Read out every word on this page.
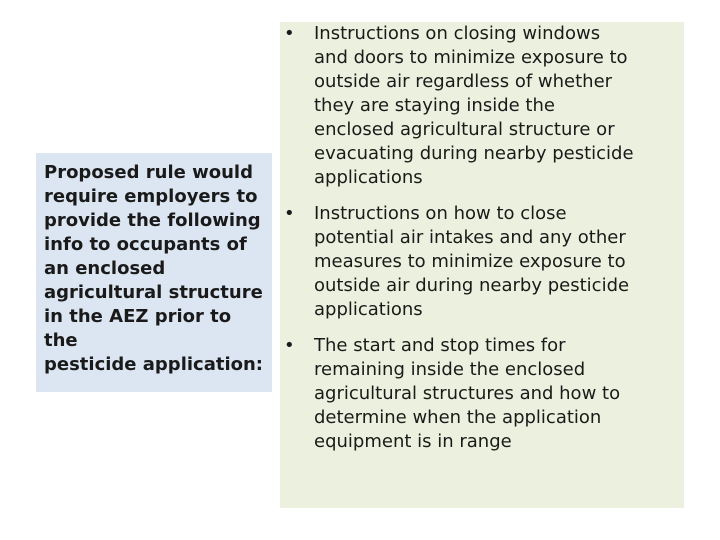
Proposed rule would
require employers to
provide the following
info to occupants of
an enclosed
agricultural structure
in the AEZ prior to the
pesticide application:

• Instructions on closing windows
and doors to minimize exposure to
outside air regardless of whether
they are staying inside the
enclosed agricultural structure or
evacuating during nearby pesticide
applications

• Instructions on how to close
potential air intakes and any other
measures to minimize exposure to
outside air during nearby pesticide
applications

• The start and stop times for
remaining inside the enclosed
agricultural structures and how to
determine when the application
equipment is in range
